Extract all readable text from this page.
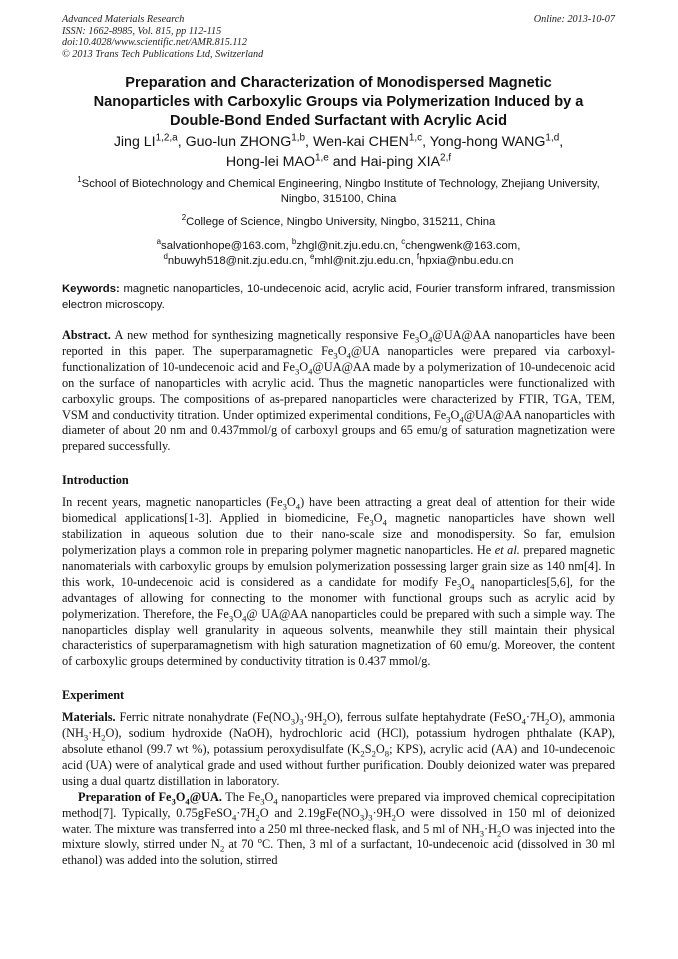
Advanced Materials Research
ISSN: 1662-8985, Vol. 815, pp 112-115
doi:10.4028/www.scientific.net/AMR.815.112
© 2013 Trans Tech Publications Ltd, Switzerland
Online: 2013-10-07
Preparation and Characterization of Monodispersed Magnetic
Nanoparticles with Carboxylic Groups via Polymerization Induced by a
Double-Bond Ended Surfactant with Acrylic Acid
Jing LI$^{1,2,a}$, Guo-lun ZHONG$^{1,b}$, Wen-kai CHEN$^{1,c}$, Yong-hong WANG$^{1,d}$,
Hong-lei MAO$^{1,e}$ and Hai-ping XIA$^{2,f}$
$^1$School of Biotechnology and Chemical Engineering, Ningbo Institute of Technology, Zhejiang University, Ningbo, 315100, China
$^2$College of Science, Ningbo University, Ningbo, 315211, China
$^a$salvationhope@163.com, $^b$zhgl@nit.zju.edu.cn, $^c$chengwenk@163.com,
$^d$nbuwyh518@nit.zju.edu.cn, $^e$mhl@nit.zju.edu.cn, $^f$hpxia@nbu.edu.cn
Keywords: magnetic nanoparticles, 10-undecenoic acid, acrylic acid, Fourier transform infrared, transmission electron microscopy.
Abstract. A new method for synthesizing magnetically responsive $Fe_3O_4@UA@AA$ nanoparticles have been reported in this paper. The superparamagnetic $Fe_3O_4@UA$ nanoparticles were prepared via carboxyl-functionalization of 10-undecenoic acid and $Fe_3O_4@UA@AA$ made by a polymerization of 10-undecenoic acid on the surface of nanoparticles with acrylic acid. Thus the magnetic nanoparticles were functionalized with carboxylic groups. The compositions of as-prepared nanoparticles were characterized by FTIR, TGA, TEM, VSM and conductivity titration. Under optimized experimental conditions, $Fe_3O_4@UA@AA$ nanoparticles with diameter of about 20 nm and 0.437mmol/g of carboxyl groups and 65 emu/g of saturation magnetization were prepared successfully.
Introduction
In recent years, magnetic nanoparticles $(Fe_3O_4)$ have been attracting a great deal of attention for their wide biomedical applications[1-3]. Applied in biomedicine, $Fe_3O_4$ magnetic nanoparticles have shown well stabilization in aqueous solution due to their nano-scale size and monodispersity. So far, emulsion polymerization plays a common role in preparing polymer magnetic nanoparticles. He et al. prepared magnetic nanomaterials with carboxylic groups by emulsion polymerization possessing larger grain size as 140 nm[4]. In this work, 10-undecenoic acid is considered as a candidate for modify $Fe_3O_4$ nanoparticles[5,6], for the advantages of allowing for connecting to the monomer with functional groups such as acrylic acid by polymerization. Therefore, the $Fe_3O_4@$ UA@AA nanoparticles could be prepared with such a simple way. The nanoparticles display well granularity in aqueous solvents, meanwhile they still maintain their physical characteristics of superparamagnetism with high saturation magnetization of 60 emu/g. Moreover, the content of carboxylic groups determined by conductivity titration is 0.437 mmol/g.
Experiment
Materials. Ferric nitrate nonahydrate $(Fe(NO_3)_3\cdot 9H_2O)$, ferrous sulfate heptahydrate $(FeSO_4\cdot 7H_2O)$, ammonia $(NH_3\cdot H_2O)$, sodium hydroxide (NaOH), hydrochloric acid (HCl), potassium hydrogen phthalate (KAP), absolute ethanol (99.7 wt %), potassium peroxydisulfate ($K_2S_2O_8$; KPS), acrylic acid (AA) and 10-undecenoic acid (UA) were of analytical grade and used without further purification. Doubly deionized water was prepared using a dual quartz distillation in laboratory.
Preparation of $Fe_3O_4@UA$. The $Fe_3O_4$ nanoparticles were prepared via improved chemical coprecipitation method[7]. Typically, $0.75gFeSO_4\cdot 7H_2O$ and $2.19gFe(NO_3)_3\cdot 9H_2O$ were dissolved in 150 ml of deionized water. The mixture was transferred into a 250 ml three-necked flask, and 5 ml of $NH_3\cdot H_2O$ was injected into the mixture slowly, stirred under $N_2$ at 70 $^o$C. Then, 3 ml of a surfactant, 10-undecenoic acid (dissolved in 30 ml ethanol) was added into the solution, stirred
